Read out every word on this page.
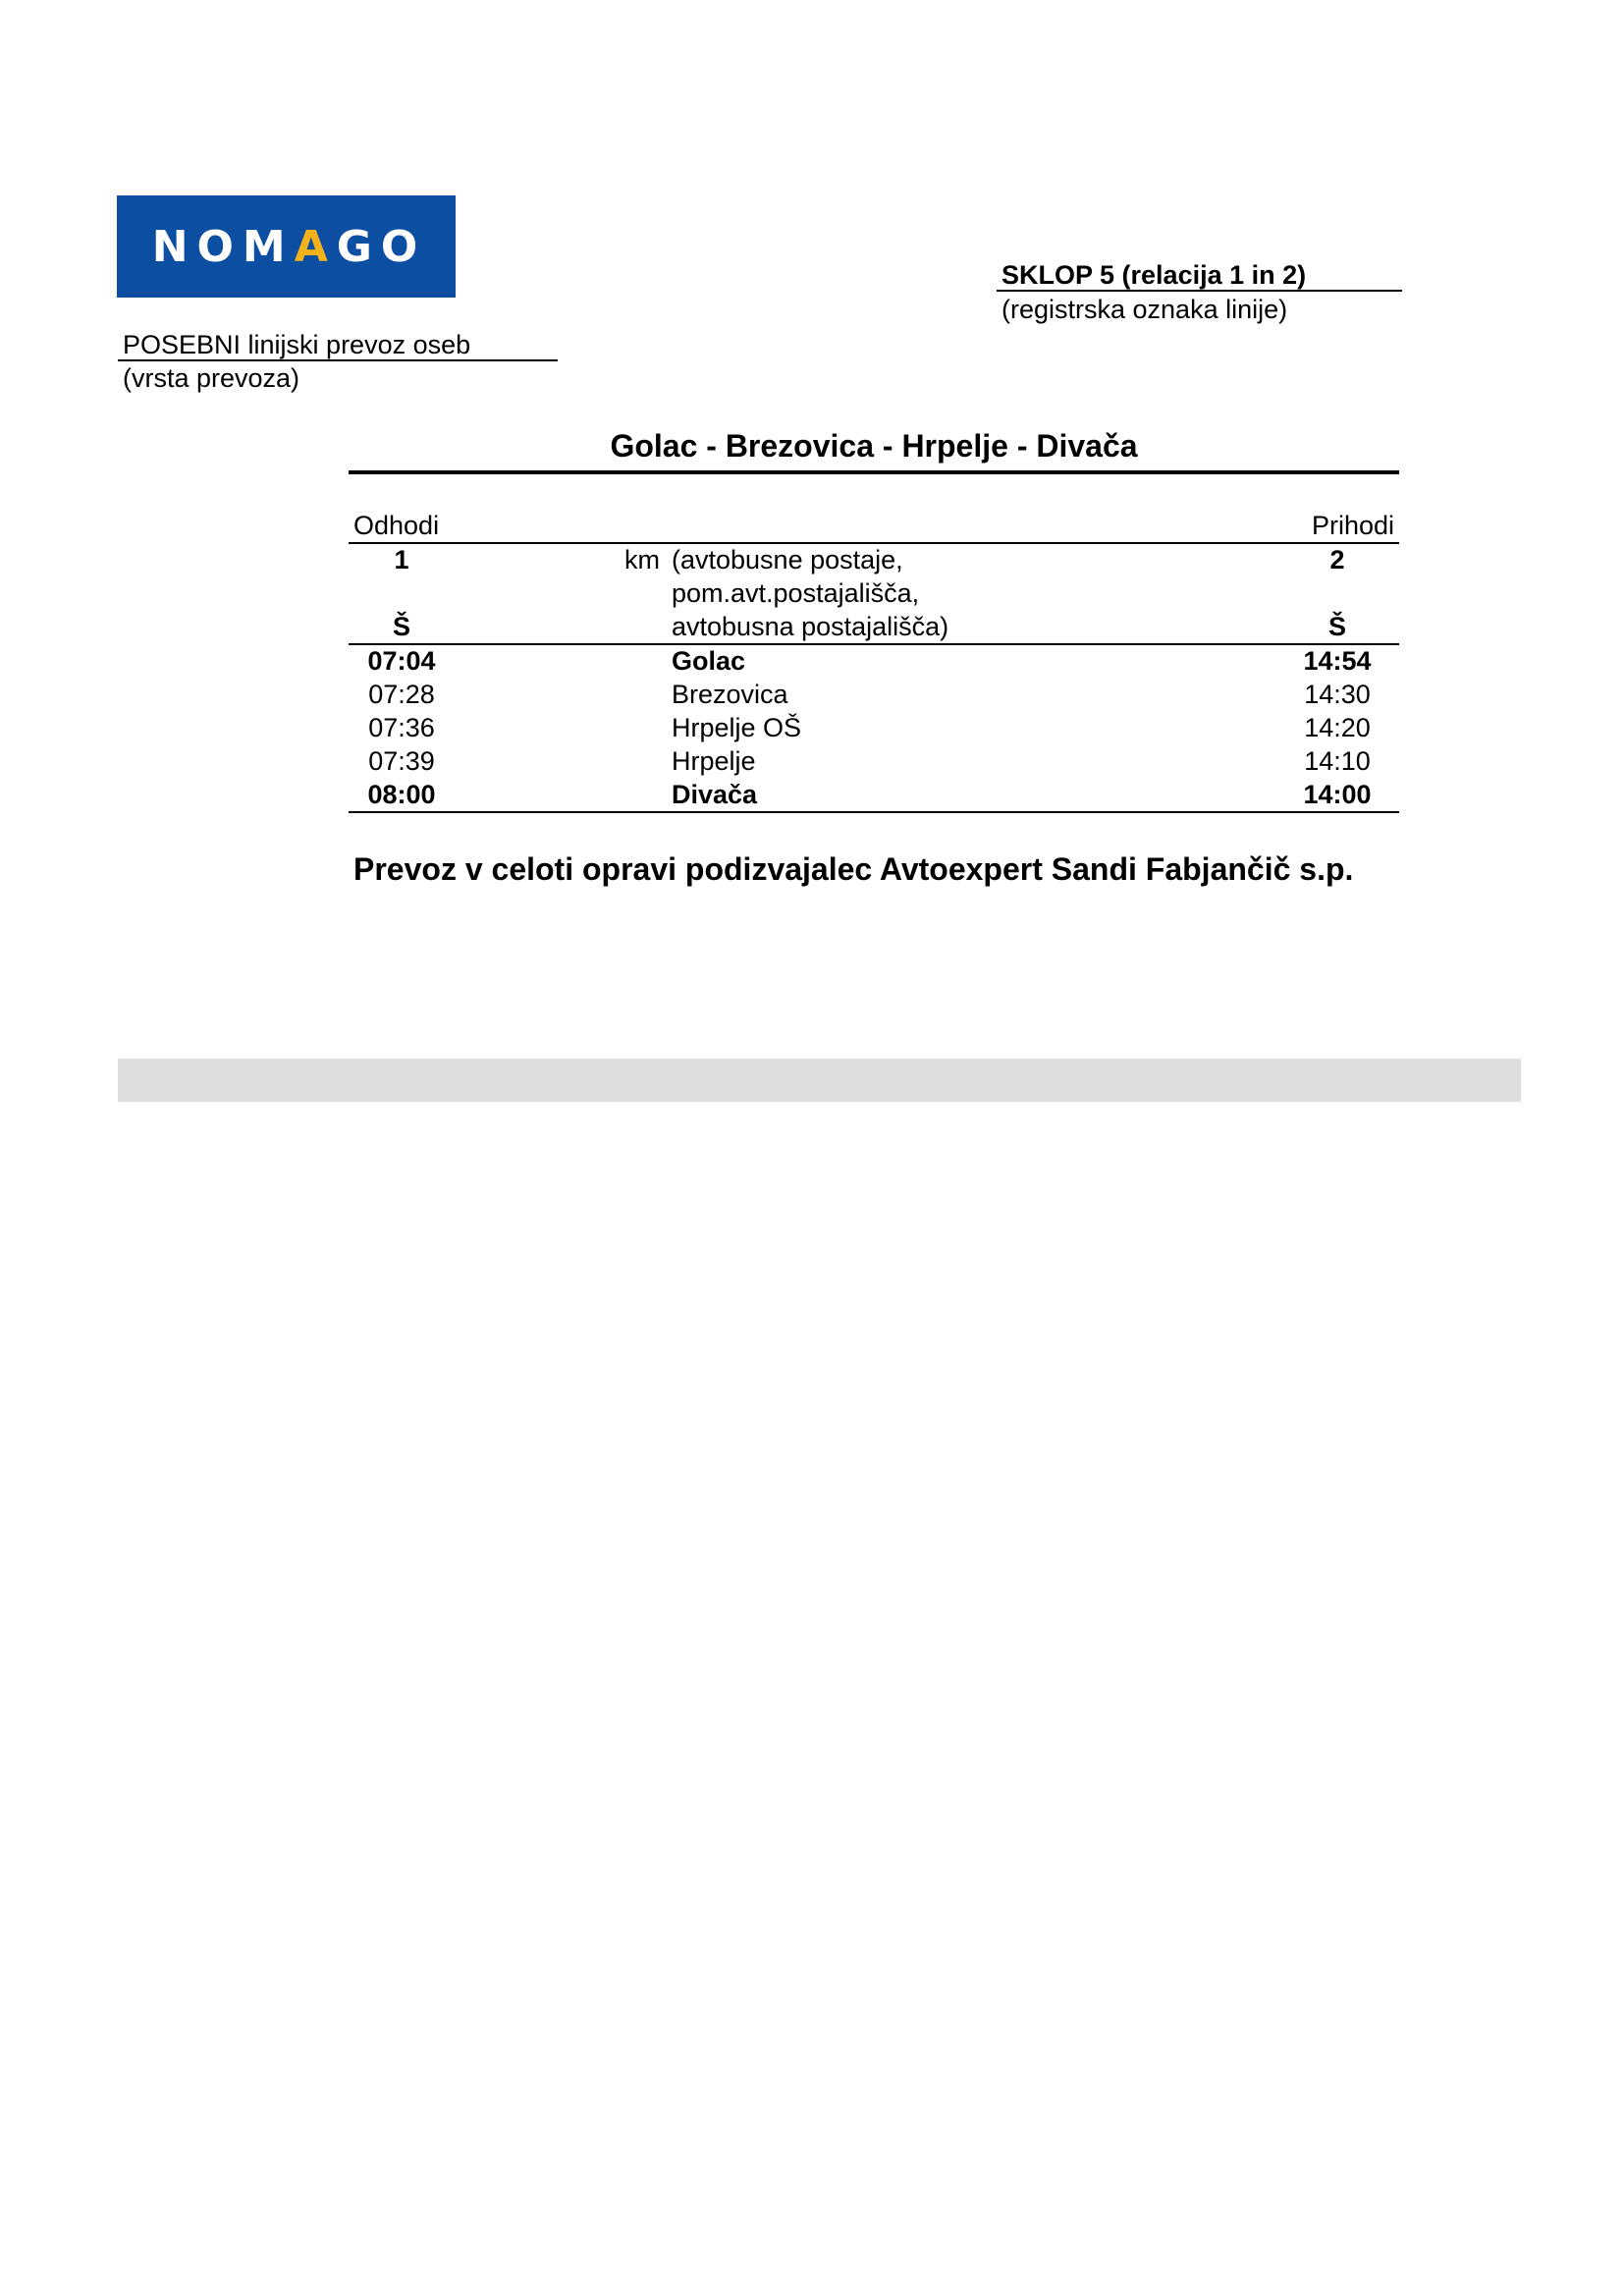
NOMAGO
SKLOP 5 (relacija 1 in 2)
(registrska oznaka linije)
POSEBNI linijski prevoz oseb
(vrsta prevoza)
Golac - Brezovica - Hrpelje - Divača
Odhodi	Prihodi
1	km (avtobusne postaje,	2
pom.avt.postajališča,
Š	avtobusna postajališča)	Š
07:04	Golac	14:54
07:28	Brezovica	14:30
07:36	Hrpelje OŠ	14:20
07:39	Hrpelje	14:10
08:00	Divača	14:00
Prevoz v celoti opravi podizvajalec Avtoexpert Sandi Fabjančič s.p.
